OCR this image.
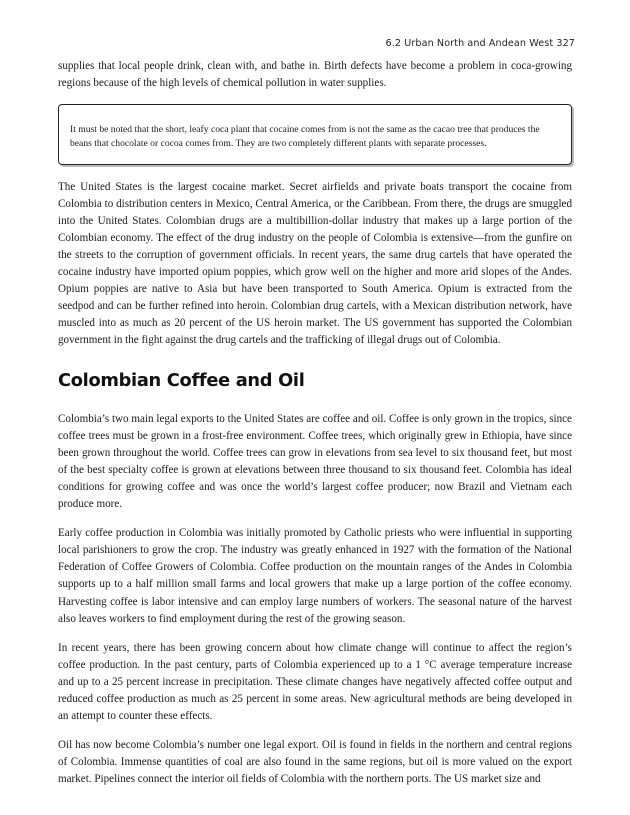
6.2 Urban North and Andean West 327

supplies that local people drink, clean with, and bathe in. Birth defects have become a problem in coca-growing regions because of the high levels of chemical pollution in water supplies.

It must be noted that the short, leafy coca plant that cocaine comes from is not the same as the cacao tree that produces the beans that chocolate or cocoa comes from. They are two completely different plants with separate processes.

The United States is the largest cocaine market. Secret airfields and private boats transport the cocaine from Colombia to distribution centers in Mexico, Central America, or the Caribbean. From there, the drugs are smuggled into the United States. Colombian drugs are a multibillion-dollar industry that makes up a large portion of the Colombian economy. The effect of the drug industry on the people of Colombia is extensive—from the gunfire on the streets to the corruption of government officials. In recent years, the same drug cartels that have operated the cocaine industry have imported opium poppies, which grow well on the higher and more arid slopes of the Andes. Opium poppies are native to Asia but have been transported to South America. Opium is extracted from the seedpod and can be further refined into heroin. Colombian drug cartels, with a Mexican distribution network, have muscled into as much as 20 percent of the US heroin market. The US government has supported the Colombian government in the fight against the drug cartels and the trafficking of illegal drugs out of Colombia.

Colombian Coffee and Oil

Colombia’s two main legal exports to the United States are coffee and oil. Coffee is only grown in the tropics, since coffee trees must be grown in a frost-free environment. Coffee trees, which originally grew in Ethiopia, have since been grown throughout the world. Coffee trees can grow in elevations from sea level to six thousand feet, but most of the best specialty coffee is grown at elevations between three thousand to six thousand feet. Colombia has ideal conditions for growing coffee and was once the world’s largest coffee producer; now Brazil and Vietnam each produce more.

Early coffee production in Colombia was initially promoted by Catholic priests who were influential in supporting local parishioners to grow the crop. The industry was greatly enhanced in 1927 with the formation of the National Federation of Coffee Growers of Colombia. Coffee production on the mountain ranges of the Andes in Colombia supports up to a half million small farms and local growers that make up a large portion of the coffee economy. Harvesting coffee is labor intensive and can employ large numbers of workers. The seasonal nature of the harvest also leaves workers to find employment during the rest of the growing season.

In recent years, there has been growing concern about how climate change will continue to affect the region’s coffee production. In the past century, parts of Colombia experienced up to a 1 °C average temperature increase and up to a 25 percent increase in precipitation. These climate changes have negatively affected coffee output and reduced coffee production as much as 25 percent in some areas. New agricultural methods are being developed in an attempt to counter these effects.

Oil has now become Colombia’s number one legal export. Oil is found in fields in the northern and central regions of Colombia. Immense quantities of coal are also found in the same regions, but oil is more valued on the export market. Pipelines connect the interior oil fields of Colombia with the northern ports. The US market size and
